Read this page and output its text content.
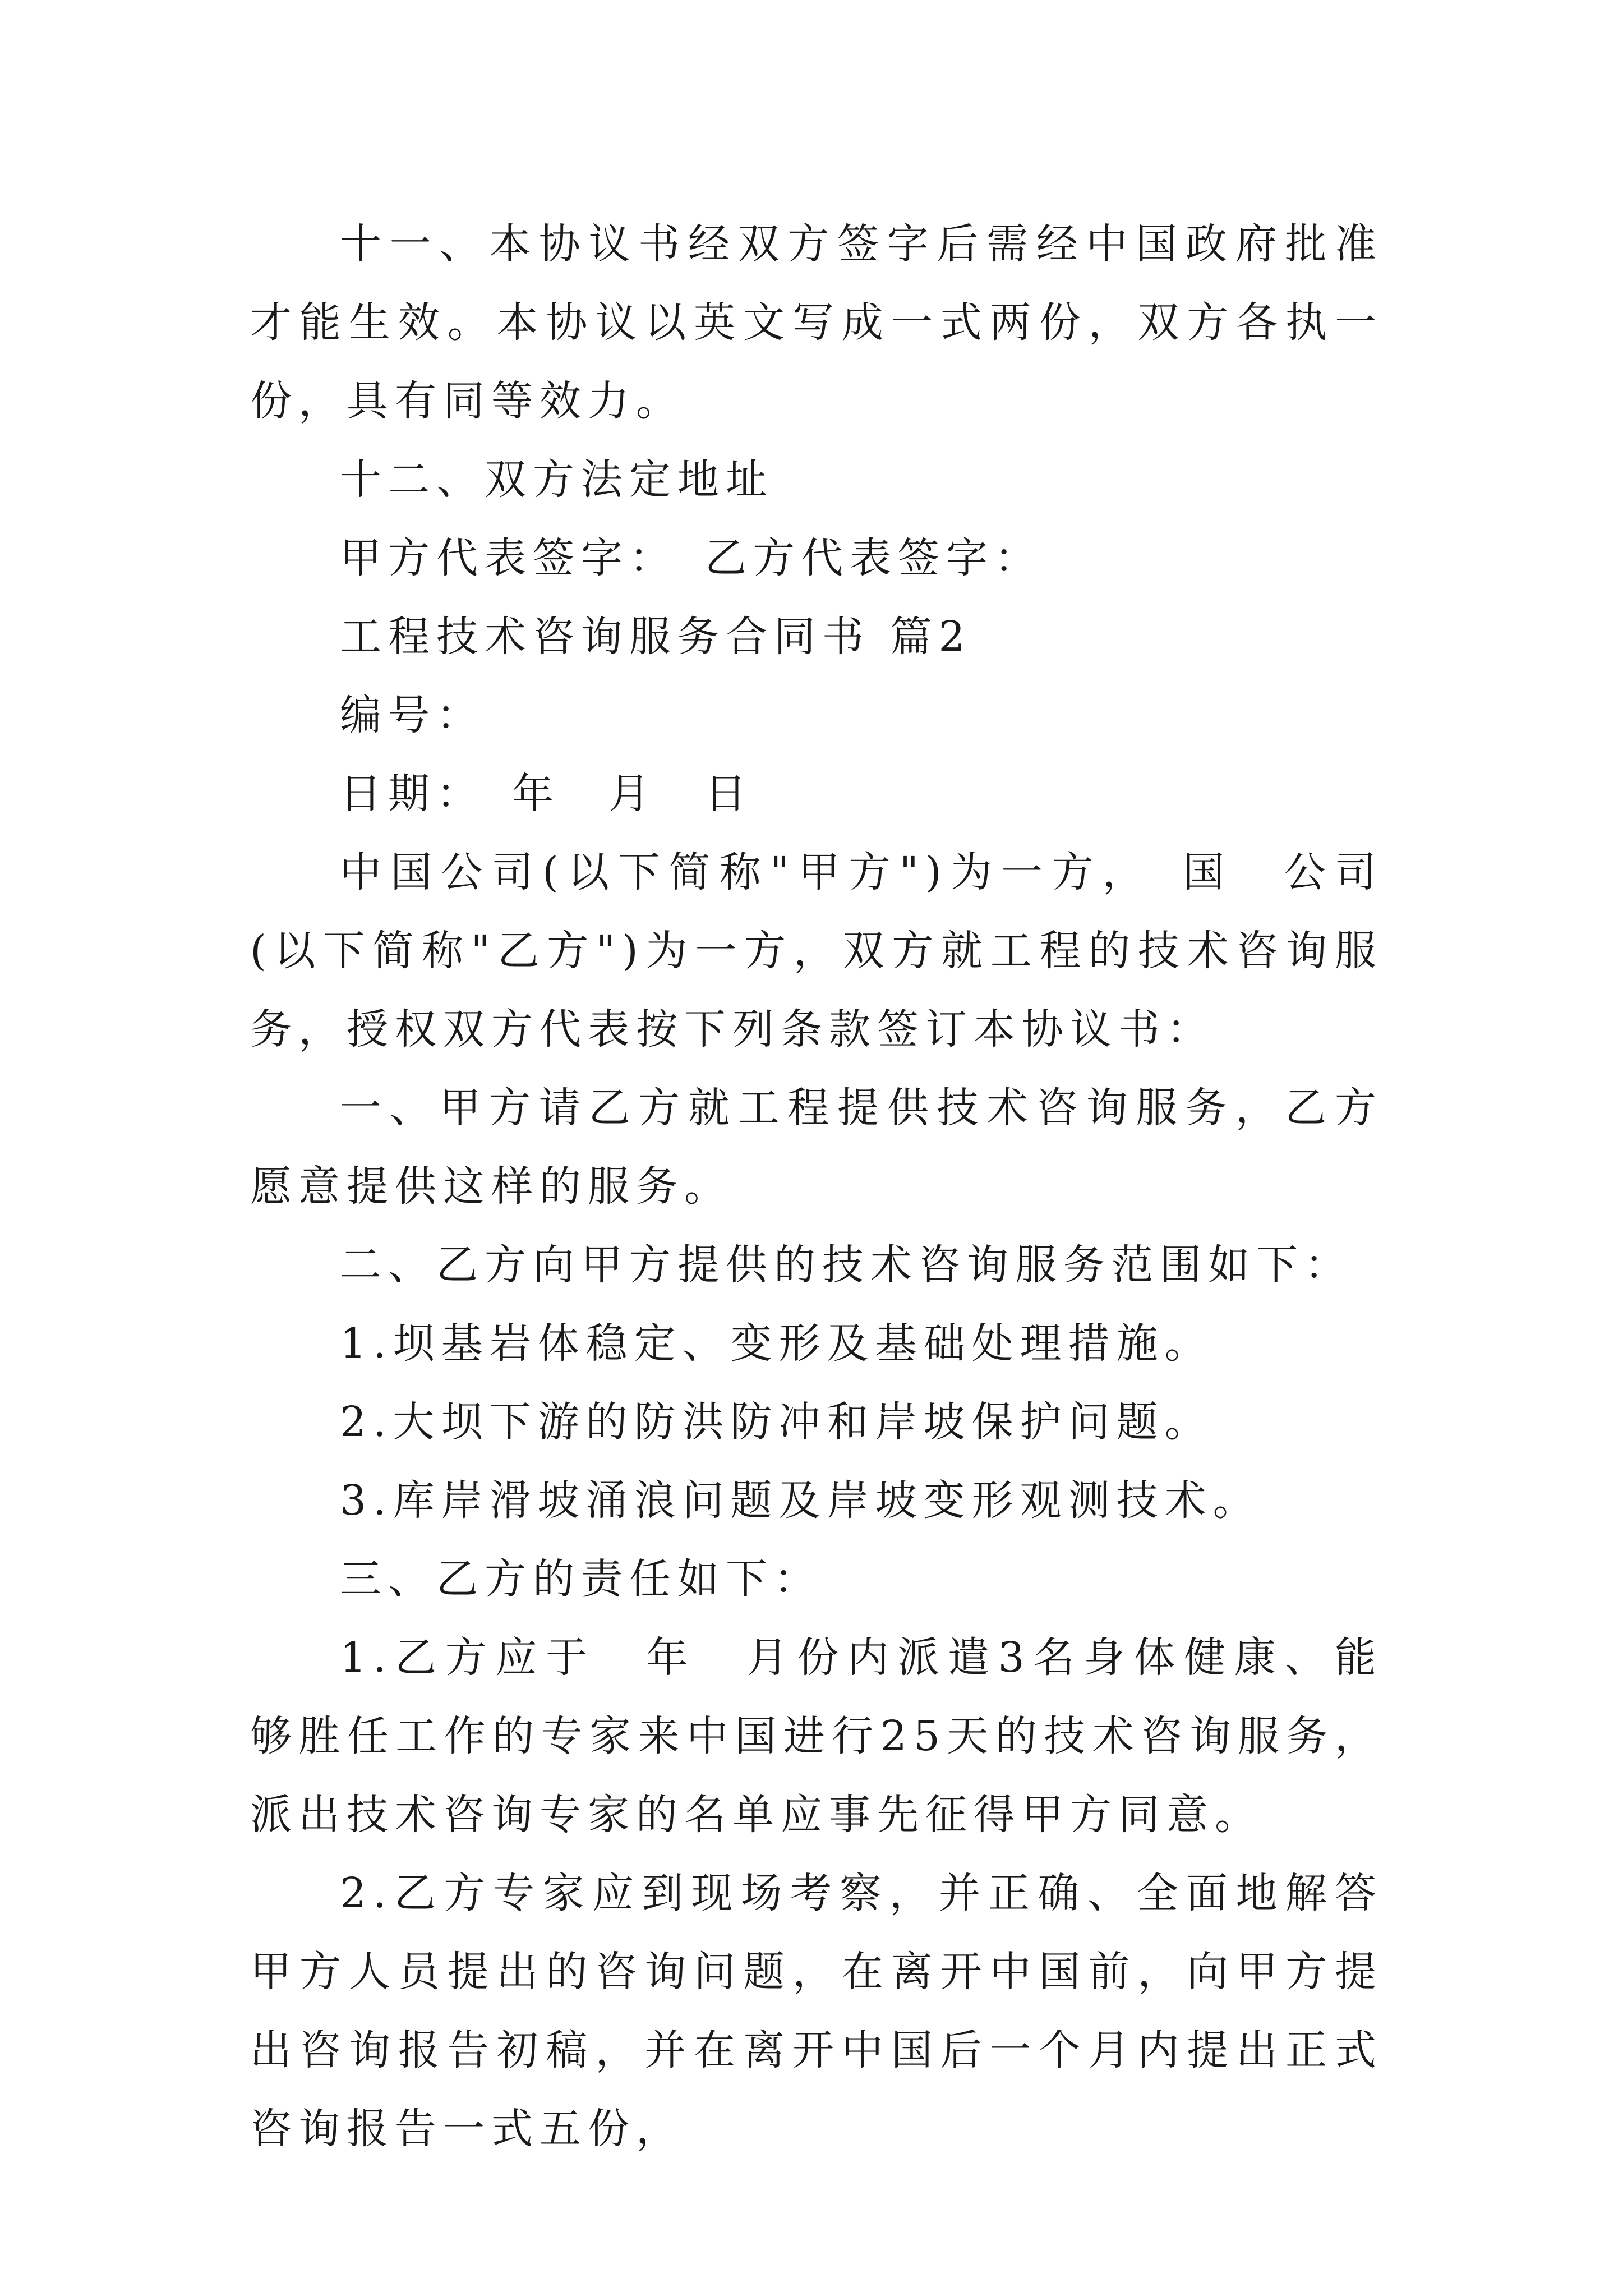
十一、本协议书经双方签字后需经中国政府批准才能生效。本协议以英文写成一式两份，双方各执一份，具有同等效力。

十二、双方法定地址

甲方代表签字：　乙方代表签字：

工程技术咨询服务合同书 篇2

编号：

日期：　年　月　日

中国公司(以下简称"甲方")为一方，　国　公司(以下简称"乙方")为一方，双方就工程的技术咨询服务，授权双方代表按下列条款签订本协议书：

一、甲方请乙方就工程提供技术咨询服务，乙方愿意提供这样的服务。

二、乙方向甲方提供的技术咨询服务范围如下：

1.坝基岩体稳定、变形及基础处理措施。

2.大坝下游的防洪防冲和岸坡保护问题。

3.库岸滑坡涌浪问题及岸坡变形观测技术。

三、乙方的责任如下：

1.乙方应于　年　月份内派遣3名身体健康、能够胜任工作的专家来中国进行25天的技术咨询服务，派出技术咨询专家的名单应事先征得甲方同意。

2.乙方专家应到现场考察，并正确、全面地解答甲方人员提出的咨询问题，在离开中国前，向甲方提出咨询报告初稿，并在离开中国后一个月内提出正式咨询报告一式五份，
